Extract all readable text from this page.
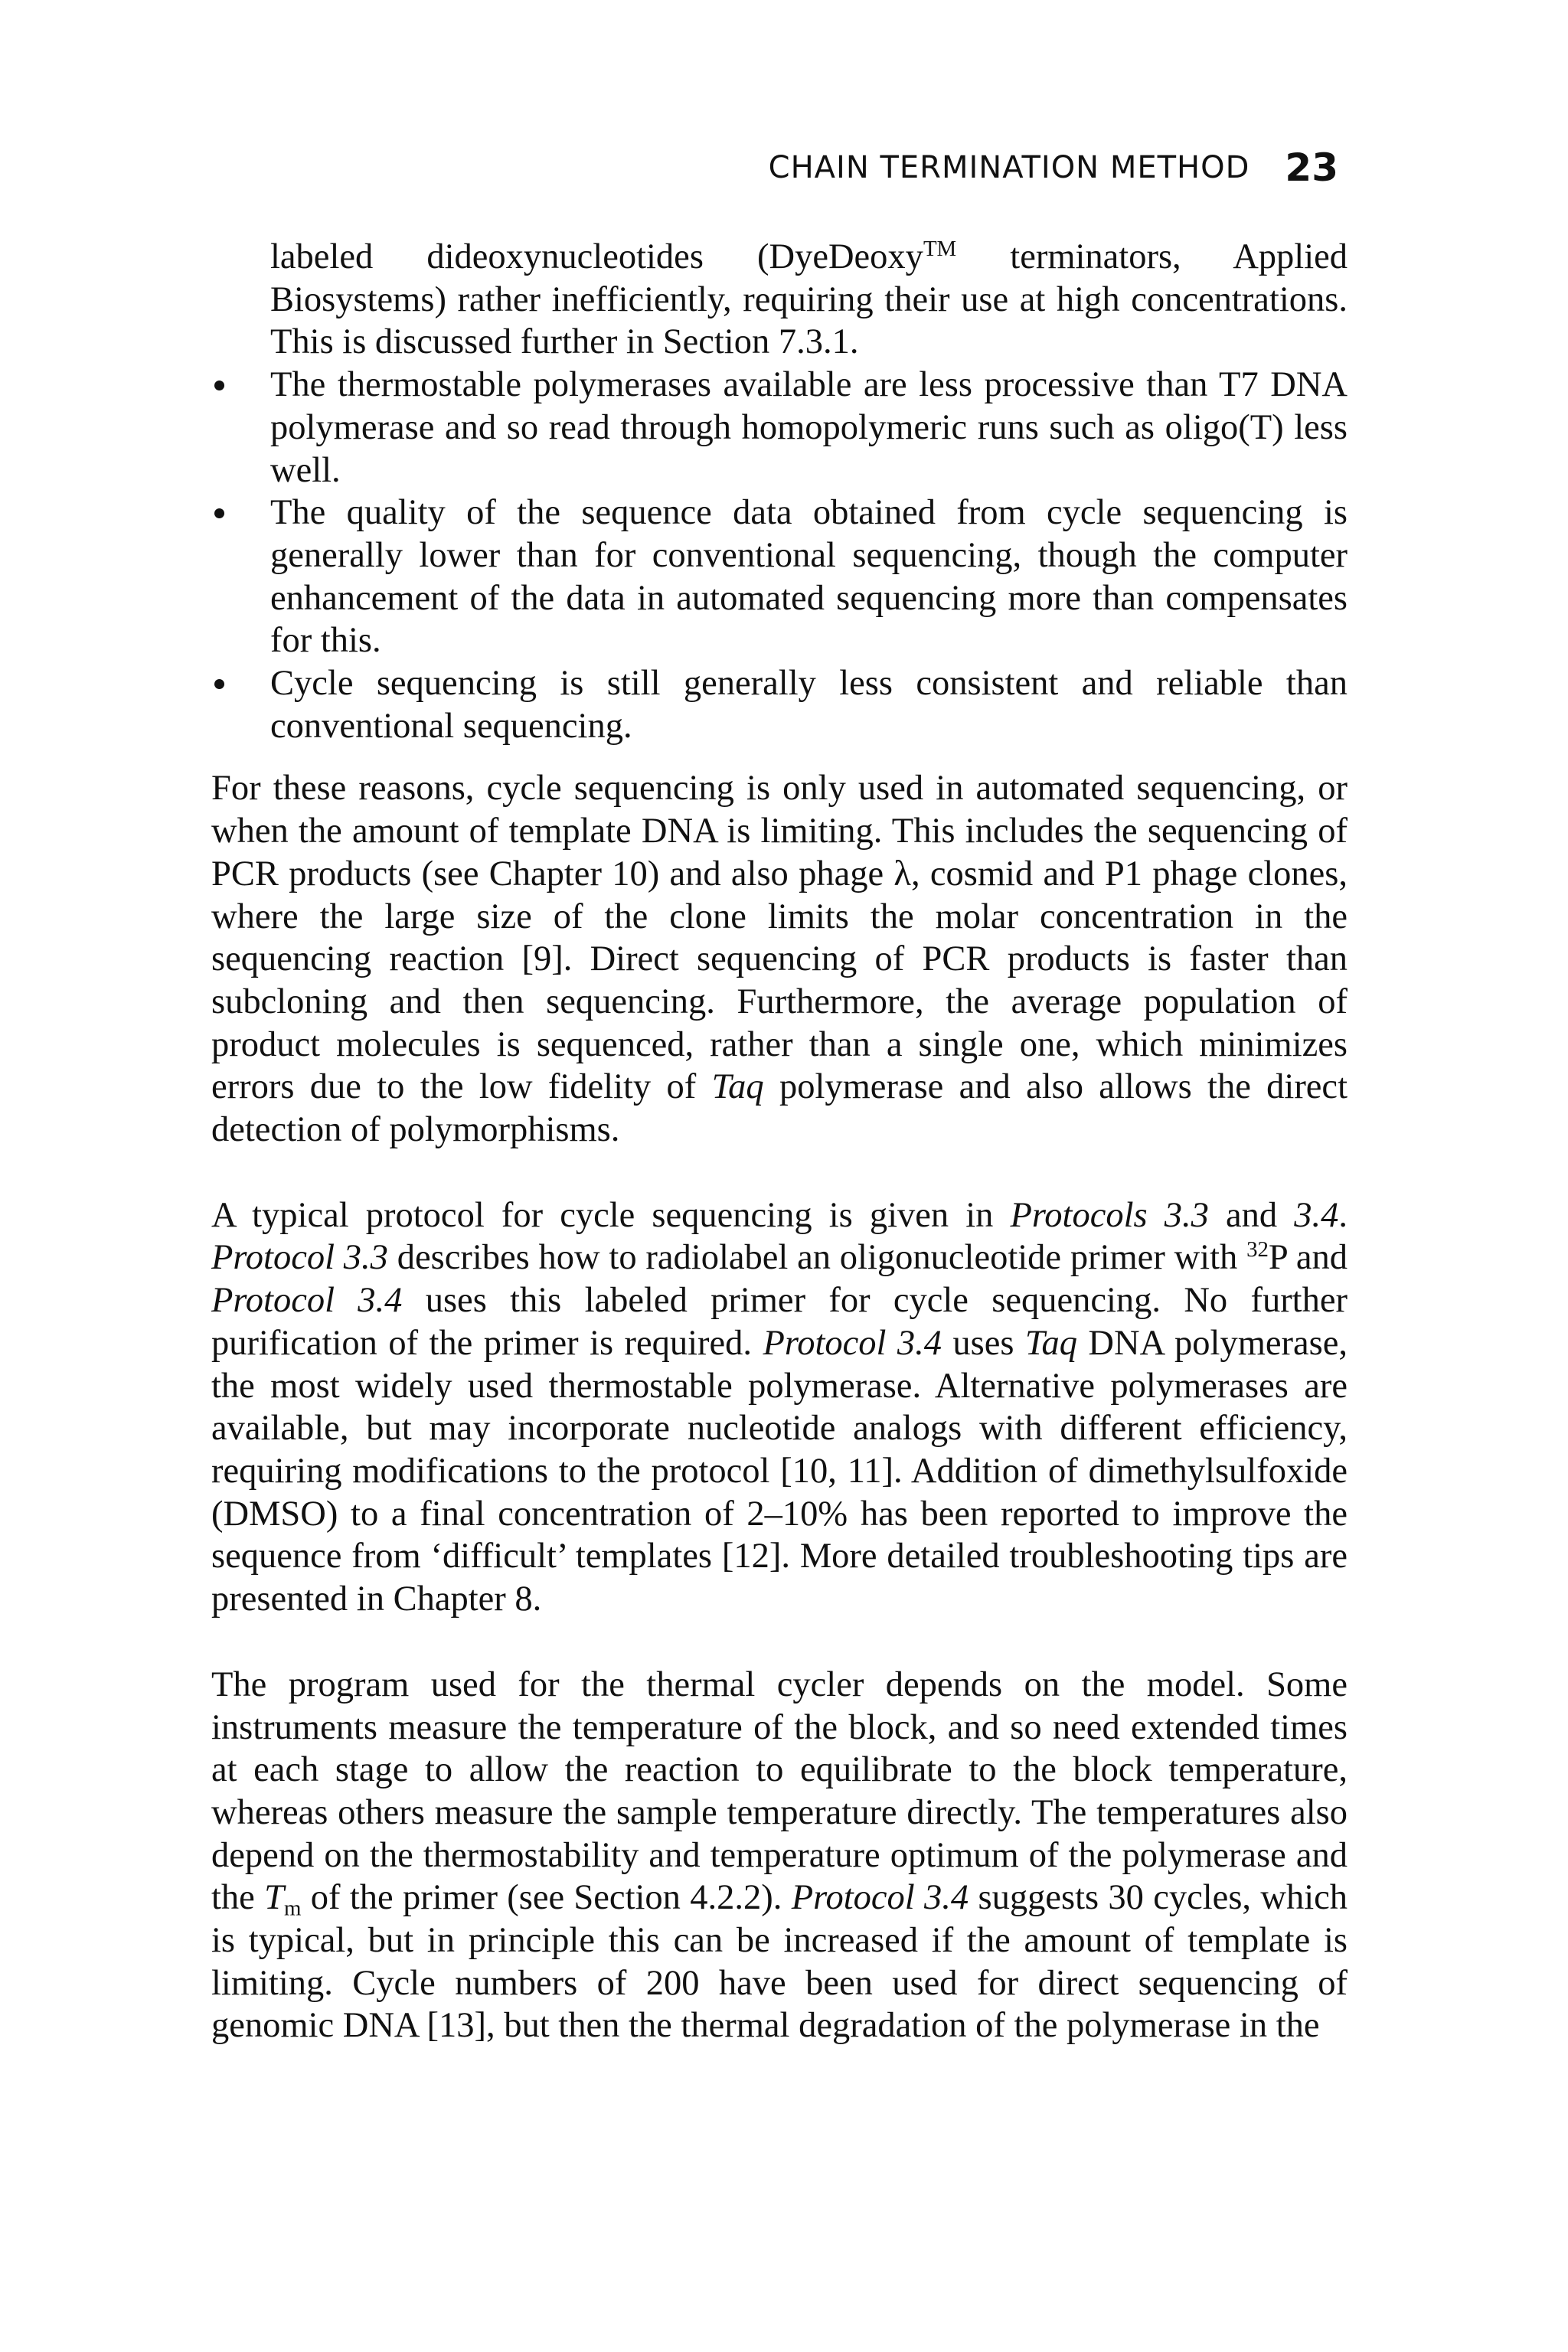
CHAIN TERMINATION METHOD 23
labeled dideoxynucleotides (DyeDeoxy™ terminators, Applied Biosystems) rather inefficiently, requiring their use at high concentrations. This is discussed further in Section 7.3.1.
The thermostable polymerases available are less processive than T7 DNA polymerase and so read through homopolymeric runs such as oligo(T) less well.
The quality of the sequence data obtained from cycle sequencing is generally lower than for conventional sequencing, though the computer enhancement of the data in automated sequencing more than compensates for this.
Cycle sequencing is still generally less consistent and reliable than conventional sequencing.

For these reasons, cycle sequencing is only used in automated sequencing, or when the amount of template DNA is limiting. This includes the sequencing of PCR products (see Chapter 10) and also phage λ, cosmid and P1 phage clones, where the large size of the clone limits the molar concentration in the sequencing reaction [9]. Direct sequencing of PCR products is faster than subcloning and then sequencing. Furthermore, the average population of product molecules is sequenced, rather than a single one, which minimizes errors due to the low fidelity of Taq polymerase and also allows the direct detection of polymorphisms.

A typical protocol for cycle sequencing is given in Protocols 3.3 and 3.4. Protocol 3.3 describes how to radiolabel an oligonucleotide primer with $^{32}$P and Protocol 3.4 uses this labeled primer for cycle sequencing. No further purification of the primer is required. Protocol 3.4 uses Taq DNA polymerase, the most widely used thermostable polymerase. Alternative polymerases are available, but may incorporate nucleotide analogs with different efficiency, requiring modifications to the protocol [10, 11]. Addition of dimethylsulfoxide (DMSO) to a final concentration of 2–10% has been reported to improve the sequence from ‘difficult’ templates [12]. More detailed troubleshooting tips are presented in Chapter 8.

The program used for the thermal cycler depends on the model. Some instruments measure the temperature of the block, and so need extended times at each stage to allow the reaction to equilibrate to the block temperature, whereas others measure the sample temperature directly. The temperatures also depend on the thermostability and temperature optimum of the polymerase and the $T_m$ of the primer (see Section 4.2.2). Protocol 3.4 suggests 30 cycles, which is typical, but in principle this can be increased if the amount of template is limiting. Cycle numbers of 200 have been used for direct sequencing of genomic DNA [13], but then the thermal degradation of the polymerase in the
